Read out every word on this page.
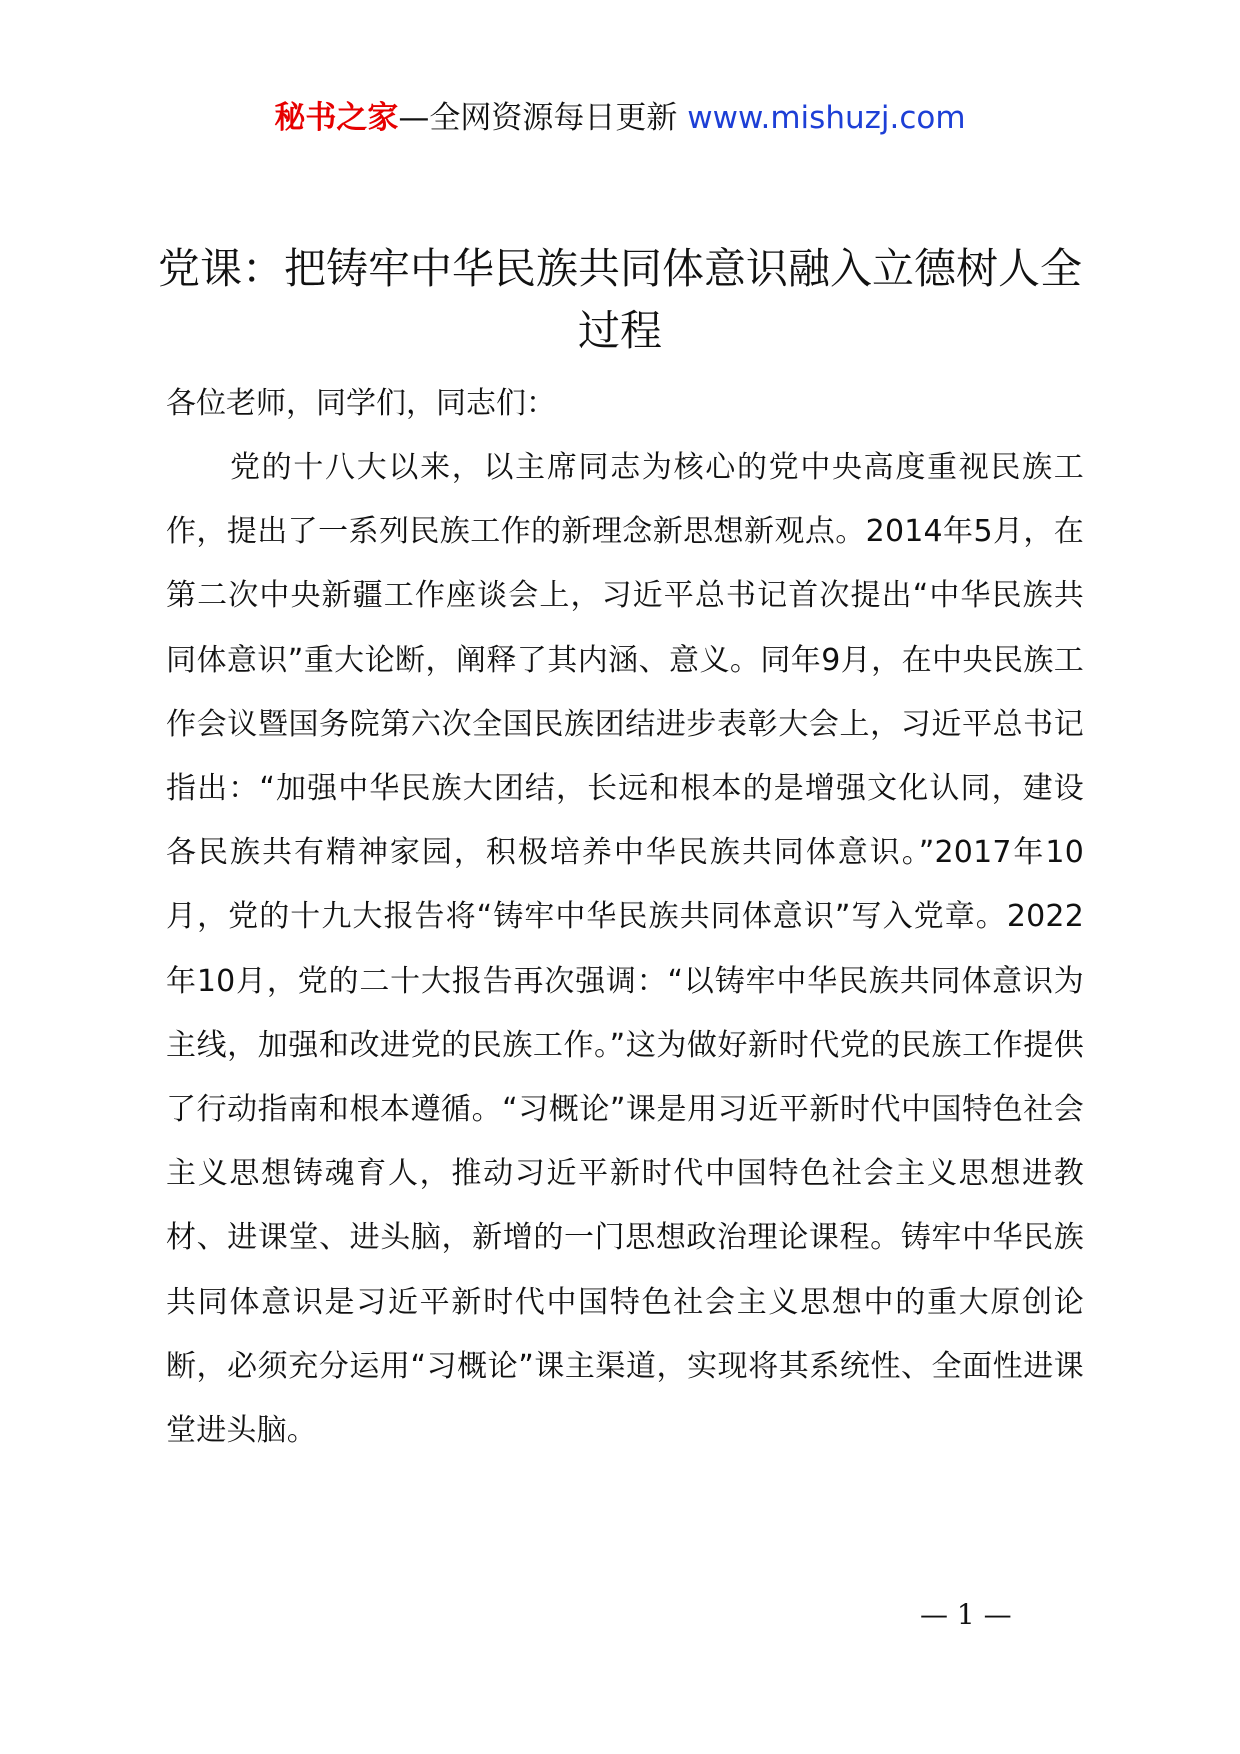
秘书之家—全网资源每日更新 www.mishuzj.com
党课：把铸牢中华民族共同体意识融入立德树人全过程

各位老师，同学们，同志们：

党的十八大以来，以主席同志为核心的党中央高度重视民族工作，提出了一系列民族工作的新理念新思想新观点。2014年5月，在第二次中央新疆工作座谈会上，习近平总书记首次提出“中华民族共同体意识”重大论断，阐释了其内涵、意义。同年9月，在中央民族工作会议暨国务院第六次全国民族团结进步表彰大会上，习近平总书记指出：“加强中华民族大团结，长远和根本的是增强文化认同，建设各民族共有精神家园，积极培养中华民族共同体意识。”2017年10月，党的十九大报告将“铸牢中华民族共同体意识”写入党章。2022年10月，党的二十大报告再次强调：“以铸牢中华民族共同体意识为主线，加强和改进党的民族工作。”这为做好新时代党的民族工作提供了行动指南和根本遵循。“习概论”课是用习近平新时代中国特色社会主义思想铸魂育人，推动习近平新时代中国特色社会主义思想进教材、进课堂、进头脑，新增的一门思想政治理论课程。铸牢中华民族共同体意识是习近平新时代中国特色社会主义思想中的重大原创论断，必须充分运用“习概论”课主渠道，实现将其系统性、全面性进课堂进头脑。

— 1 —
